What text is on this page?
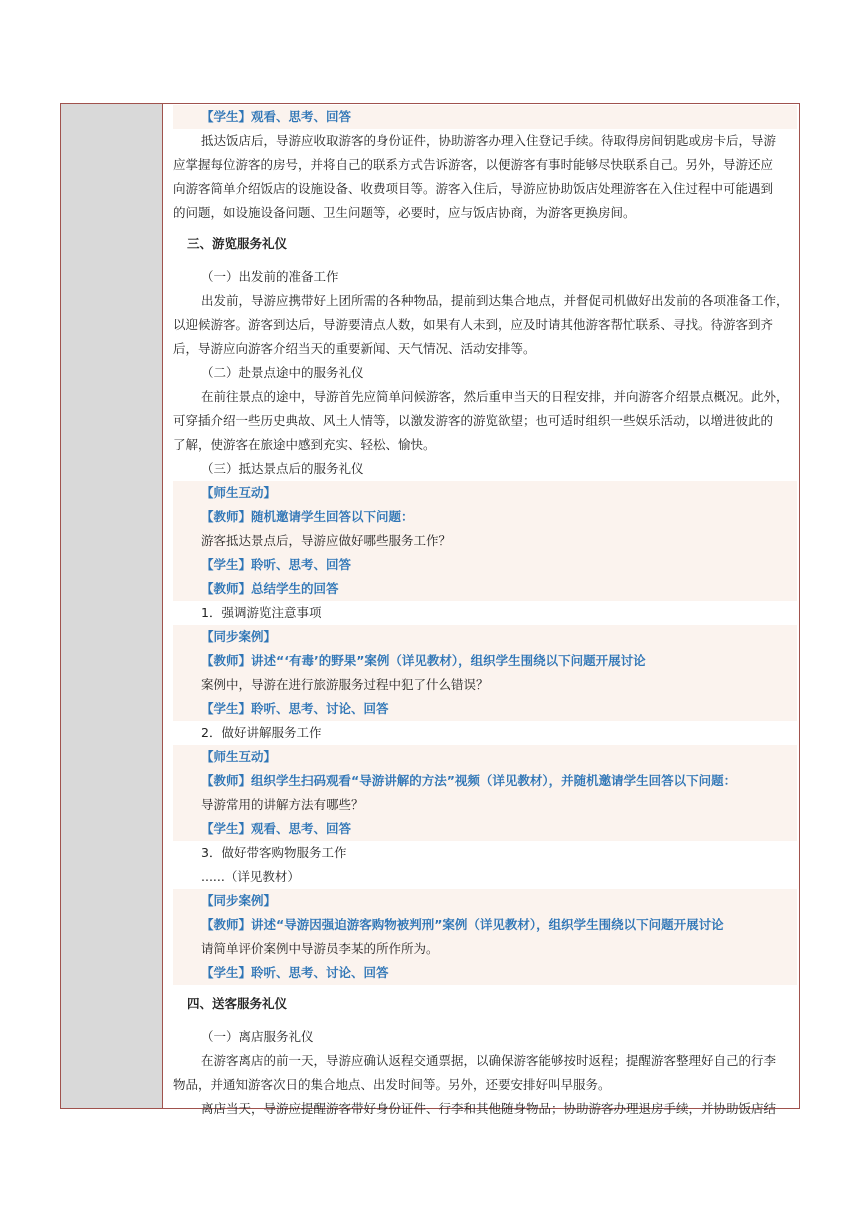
【学生】观看、思考、回答
抵达饭店后，导游应收取游客的身份证件，协助游客办理入住登记手续。待取得房间钥匙或房卡后，导游
应掌握每位游客的房号，并将自己的联系方式告诉游客，以便游客有事时能够尽快联系自己。另外，导游还应
向游客简单介绍饭店的设施设备、收费项目等。游客入住后，导游应协助饭店处理游客在入住过程中可能遇到
的问题，如设施设备问题、卫生问题等，必要时，应与饭店协商，为游客更换房间。
三、游览服务礼仪
（一）出发前的准备工作
出发前，导游应携带好上团所需的各种物品，提前到达集合地点，并督促司机做好出发前的各项准备工作，
以迎候游客。游客到达后，导游要清点人数，如果有人未到，应及时请其他游客帮忙联系、寻找。待游客到齐
后，导游应向游客介绍当天的重要新闻、天气情况、活动安排等。
（二）赴景点途中的服务礼仪
在前往景点的途中，导游首先应简单问候游客，然后重申当天的日程安排，并向游客介绍景点概况。此外，
可穿插介绍一些历史典故、风土人情等，以激发游客的游览欲望；也可适时组织一些娱乐活动，以增进彼此的
了解，使游客在旅途中感到充实、轻松、愉快。
（三）抵达景点后的服务礼仪
【师生互动】
【教师】随机邀请学生回答以下问题：
游客抵达景点后，导游应做好哪些服务工作？
【学生】聆听、思考、回答
【教师】总结学生的回答
1．强调游览注意事项
【同步案例】
【教师】讲述“‘有毒’的野果”案例（详见教材），组织学生围绕以下问题开展讨论
案例中，导游在进行旅游服务过程中犯了什么错误？
【学生】聆听、思考、讨论、回答
2．做好讲解服务工作
【师生互动】
【教师】组织学生扫码观看“导游讲解的方法”视频（详见教材），并随机邀请学生回答以下问题：
导游常用的讲解方法有哪些？
【学生】观看、思考、回答
3．做好带客购物服务工作
......（详见教材）
【同步案例】
【教师】讲述“导游因强迫游客购物被判刑”案例（详见教材），组织学生围绕以下问题开展讨论
请简单评价案例中导游员李某的所作所为。
【学生】聆听、思考、讨论、回答
四、送客服务礼仪
（一）离店服务礼仪
在游客离店的前一天，导游应确认返程交通票据，以确保游客能够按时返程；提醒游客整理好自己的行李
物品，并通知游客次日的集合地点、出发时间等。另外，还要安排好叫早服务。
离店当天，导游应提醒游客带好身份证件、行李和其他随身物品；协助游客办理退房手续，并协助饭店结
